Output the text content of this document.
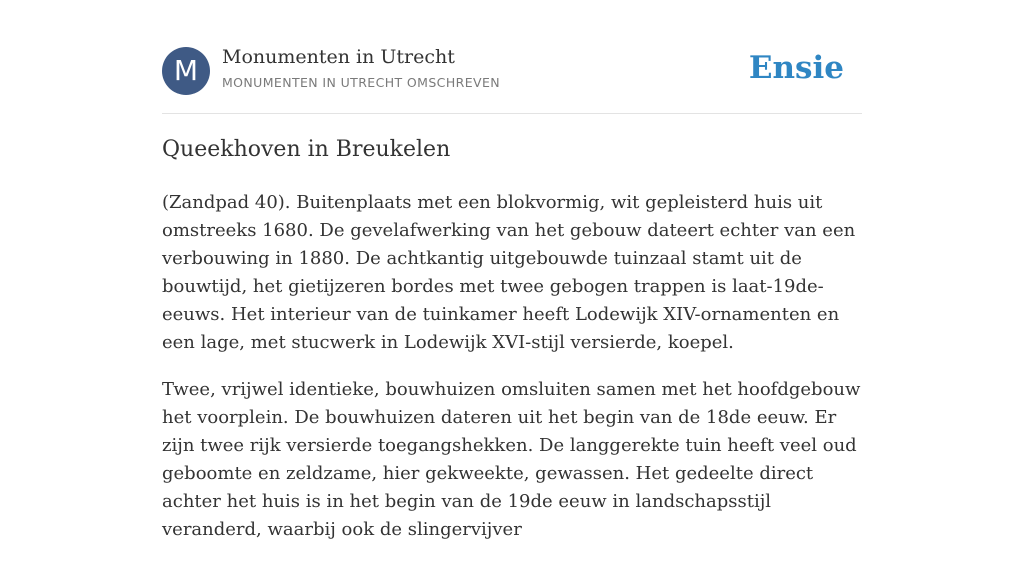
M	Monumenten in Utrecht
MONUMENTEN IN UTRECHT OMSCHREVEN	Ensie
Queekhoven in Breukelen

(Zandpad 40). Buitenplaats met een blokvormig, wit gepleisterd huis uit omstreeks 1680. De gevelafwerking van het gebouw dateert echter van een verbouwing in 1880. De achtkantig uitgebouwde tuinzaal stamt uit de bouwtijd, het gietijzeren bordes met twee gebogen trappen is laat-19de-eeuws. Het interieur van de tuinkamer heeft Lodewijk XIV-ornamenten en een lage, met stucwerk in Lodewijk XVI-stijl versierde, koepel.

Twee, vrijwel identieke, bouwhuizen omsluiten samen met het hoofdgebouw het voorplein. De bouwhuizen dateren uit het begin van de 18de eeuw. Er zijn twee rijk versierde toegangshekken. De langgerekte tuin heeft veel oud geboomte en zeldzame, hier gekweekte, gewassen. Het gedeelte direct achter het huis is in het begin van de 19de eeuw in landschapsstijl veranderd, waarbij ook de slingervijver
